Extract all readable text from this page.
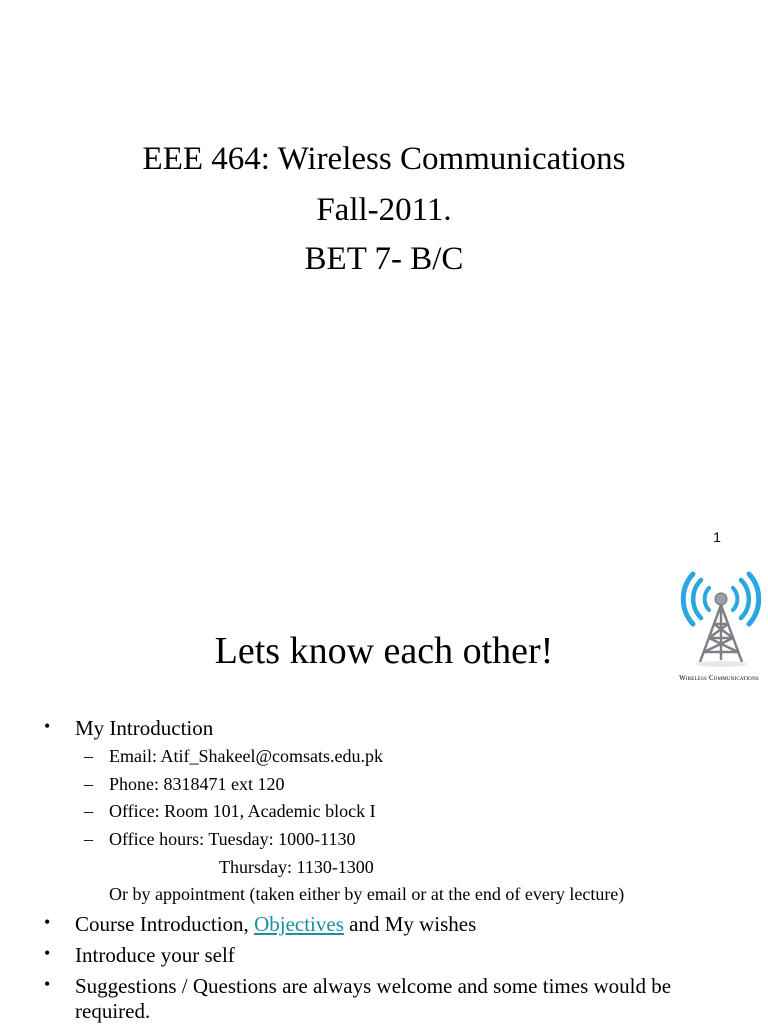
EEE 464: Wireless Communications
Fall-2011.
BET 7- B/C
1
Lets know each other!
Wireless Communications
• My Introduction
– Email: Atif_Shakeel@comsats.edu.pk
– Phone: 8318471 ext 120
– Office: Room 101, Academic block I
– Office hours: Tuesday: 1000-1130
Thursday: 1130-1300
Or by appointment (taken either by email or at the end of every lecture)
• Course Introduction, Objectives and My wishes
• Introduce your self
• Suggestions / Questions are always welcome and some times would be
required.
